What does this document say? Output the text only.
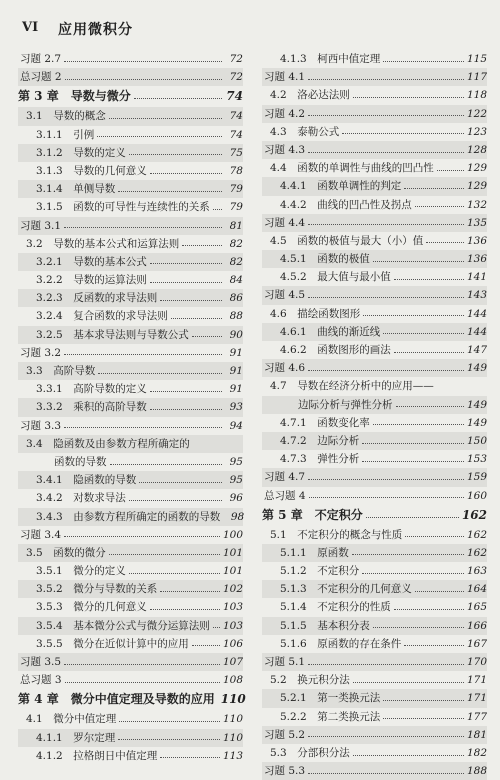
VI 应用微积分
习题 2.7	72
总习题 2	72
第 3 章　导数与微分	74
3.1　导数的概念	74
3.1.1　引例	74
3.1.2　导数的定义	75
3.1.3　导数的几何意义	78
3.1.4　单侧导数	79
3.1.5　函数的可导性与连续性的关系	79
习题 3.1	81
3.2　导数的基本公式和运算法则	82
3.2.1　导数的基本公式	82
3.2.2　导数的运算法则	84
3.2.3　反函数的求导法则	86
3.2.4　复合函数的求导法则	88
3.2.5　基本求导法则与导数公式	90
习题 3.2	91
3.3　高阶导数	91
3.3.1　高阶导数的定义	91
3.3.2　乘积的高阶导数	93
习题 3.3	94
3.4　隐函数及由参数方程所确定的
函数的导数	95
3.4.1　隐函数的导数	95
3.4.2　对数求导法	96
3.4.3　由参数方程所确定的函数的导数	98
习题 3.4	100
3.5　函数的微分	101
3.5.1　微分的定义	101
3.5.2　微分与导数的关系	102
3.5.3　微分的几何意义	103
3.5.4　基本微分公式与微分运算法则 103
3.5.5　微分在近似计算中的应用	106
习题 3.5	107
总习题 3	108
第 4 章　微分中值定理及导数的应用 110
4.1　微分中值定理	110
4.1.1　罗尔定理	110
4.1.2　拉格朗日中值定理	113
4.1.3　柯西中值定理	115
习题 4.1	117
4.2　洛必达法则	118
习题 4.2	122
4.3　泰勒公式	123
习题 4.3	128
4.4　函数的单调性与曲线的凹凸性	129
4.4.1　函数单调性的判定	129
4.4.2　曲线的凹凸性及拐点	132
习题 4.4	135
4.5　函数的极值与最大（小）值	136
4.5.1　函数的极值	136
4.5.2　最大值与最小值	141
习题 4.5	143
4.6　描绘函数图形	144
4.6.1　曲线的渐近线	144
4.6.2　函数图形的画法	147
习题 4.6	149
4.7　导数在经济分析中的应用——
边际分析与弹性分析	149
4.7.1　函数变化率	149
4.7.2　边际分析	150
4.7.3　弹性分析	153
习题 4.7	159
总习题 4	160
第 5 章　不定积分	162
5.1　不定积分的概念与性质	162
5.1.1　原函数	162
5.1.2　不定积分	163
5.1.3　不定积分的几何意义	164
5.1.4　不定积分的性质	165
5.1.5　基本积分表	166
5.1.6　原函数的存在条件	167
习题 5.1	170
5.2　换元积分法	171
5.2.1　第一类换元法	171
5.2.2　第二类换元法	177
习题 5.2	181
5.3　分部积分法	182
习题 5.3	188
